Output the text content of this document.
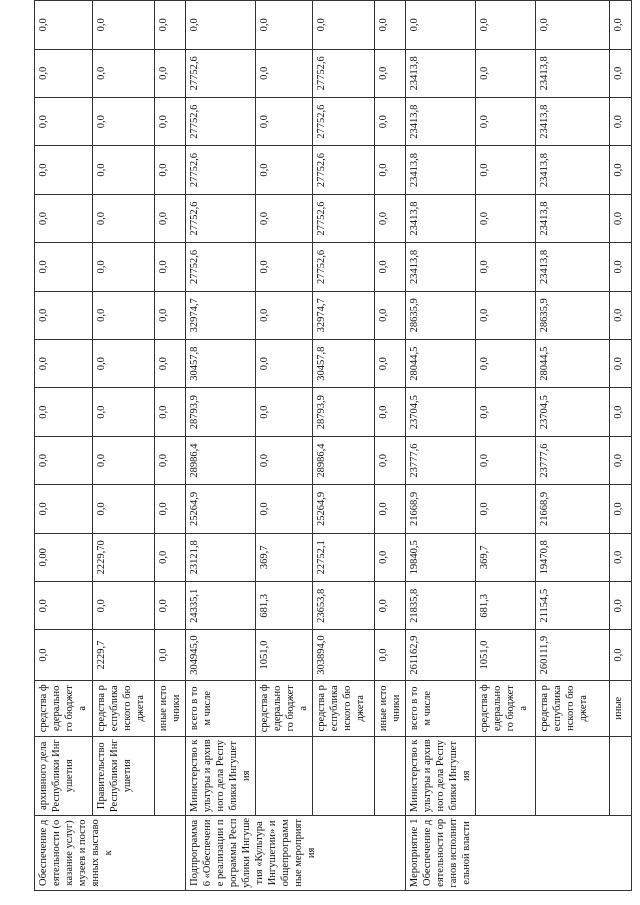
Обеспечение деятельности (оказание услуг) музеев и постоянных выставок	архивного дела Республики Ингушетия	средства федерального бюджета	0,0	0,0	0,00	0,0	0,0	0,0	0,0	0,0	0,0	0,0	0,0	0,0	0,0	0,0
	Правительство Республики Ингушетия	средства республиканского бюджета	2229,7	0,0	2229,70	0,0	0,0	0,0	0,0	0,0	0,0	0,0	0,0	0,0	0,0	0,0
		иные источники	0,0	0,0	0,0	0,0	0,0	0,0	0,0	0,0	0,0	0,0	0,0	0,0	0,0	0,0
Подпрограмма 6 «Обеспечение реализации программы Республики Ингушетия «Культура Ингушетии» и общепрограммные мероприятия	Министерство культуры и архивного дела Республики Ингушетия	всего в том числе	304945,0	24335,1	23121,8	25264,9	28986,4	28793,9	30457,8	32974,7	27752,6	27752,6	27752,6	27752,6	27752,6	0,0
		средства федерального бюджета	1051,0	681,3	369,7	0,0	0,0	0,0	0,0	0,0	0,0	0,0	0,0	0,0	0,0	0,0
		средства республиканского бюджета	303894,0	23653,8	22752,1	25264,9	28986,4	28793,9	30457,8	32974,7	27752,6	27752,6	27752,6	27752,6	27752,6	0,0
		иные источники	0,0	0,0	0,0	0,0	0,0	0,0	0,0	0,0	0,0	0,0	0,0	0,0	0,0	0,0
Мероприятие 1 Обеспечение деятельности органов исполнительной власти	Министерство культуры и архивного дела Республики Ингушетия	всего в том числе	261162,9	21835,8	19840,5	21668,9	23777,6	23704,5	28044,5	28635,9	23413,8	23413,8	23413,8	23413,8	23413,8	0,0
		средства федерального бюджета	1051,0	681,3	369,7	0,0	0,0	0,0	0,0	0,0	0,0	0,0	0,0	0,0	0,0	0,0
		средства республиканского бюджета	260111,9	21154,5	19470,8	21668,9	23777,6	23704,5	28044,5	28635,9	23413,8	23413,8	23413,8	23413,8	23413,8	0,0
		иные	0,0	0,0	0,0	0,0	0,0	0,0	0,0	0,0	0,0	0,0	0,0	0,0	0,0	0,0
